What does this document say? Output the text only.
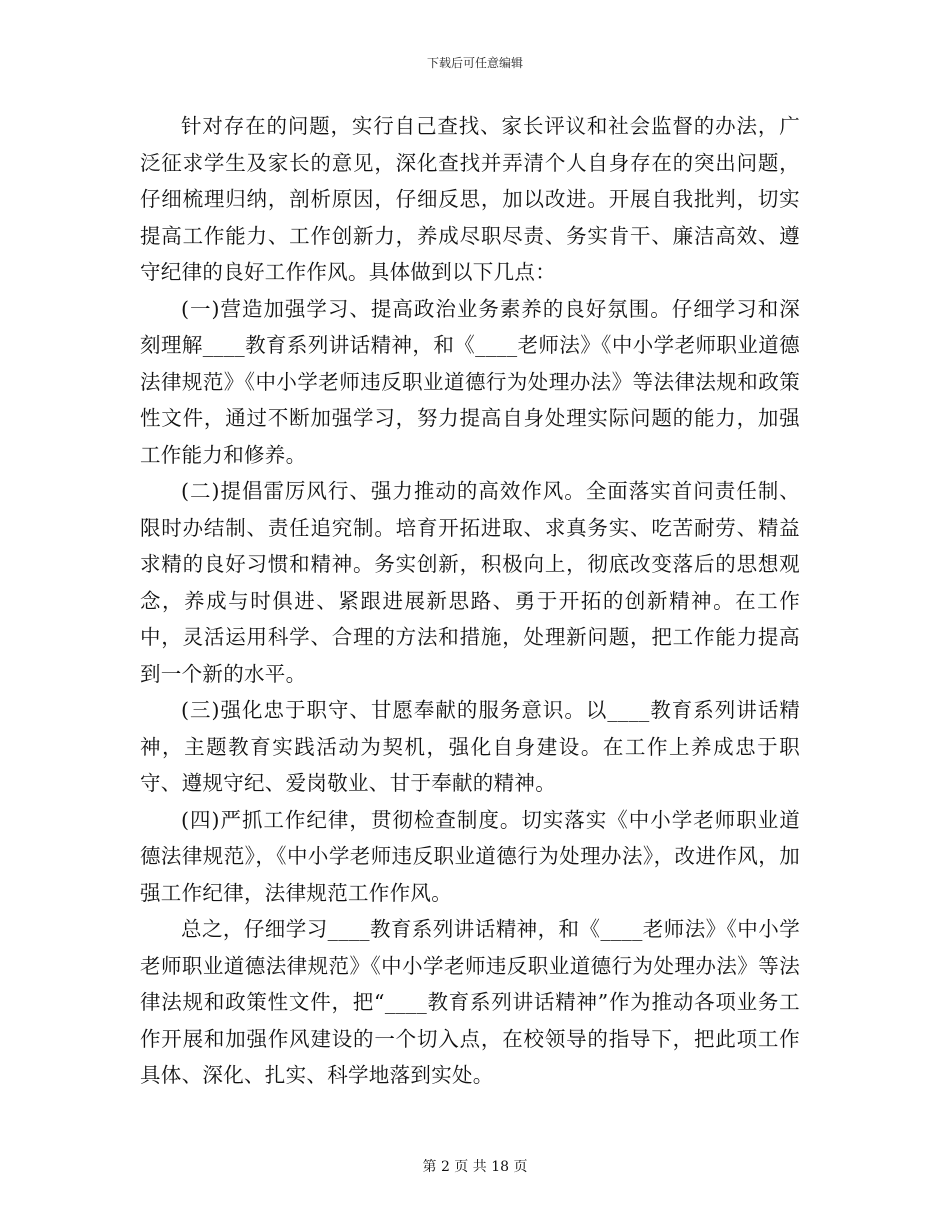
下载后可任意编辑

针对存在的问题，实行自己查找、家长评议和社会监督的办法，广泛征求学生及家长的意见，深化查找并弄清个人自身存在的突出问题，仔细梳理归纳，剖析原因，仔细反思，加以改进。开展自我批判，切实提高工作能力、工作创新力，养成尽职尽责、务实肯干、廉洁高效、遵守纪律的良好工作作风。具体做到以下几点：

(一)营造加强学习、提高政治业务素养的良好氛围。仔细学习和深刻理解____教育系列讲话精神，和《____老师法》《中小学老师职业道德法律规范》《中小学老师违反职业道德行为处理办法》等法律法规和政策性文件，通过不断加强学习，努力提高自身处理实际问题的能力，加强工作能力和修养。

(二)提倡雷厉风行、强力推动的高效作风。全面落实首问责任制、限时办结制、责任追究制。培育开拓进取、求真务实、吃苦耐劳、精益求精的良好习惯和精神。务实创新，积极向上，彻底改变落后的思想观念，养成与时俱进、紧跟进展新思路、勇于开拓的创新精神。在工作中，灵活运用科学、合理的方法和措施，处理新问题，把工作能力提高到一个新的水平。

(三)强化忠于职守、甘愿奉献的服务意识。以____教育系列讲话精神，主题教育实践活动为契机，强化自身建设。在工作上养成忠于职守、遵规守纪、爱岗敬业、甘于奉献的精神。

(四)严抓工作纪律，贯彻检查制度。切实落实《中小学老师职业道德法律规范》，《中小学老师违反职业道德行为处理办法》，改进作风，加强工作纪律，法律规范工作作风。

总之，仔细学习____教育系列讲话精神，和《____老师法》《中小学老师职业道德法律规范》《中小学老师违反职业道德行为处理办法》等法律法规和政策性文件，把“____教育系列讲话精神”作为推动各项业务工作开展和加强作风建设的一个切入点，在校领导的指导下，把此项工作具体、深化、扎实、科学地落到实处。

第 2 页 共 18 页
